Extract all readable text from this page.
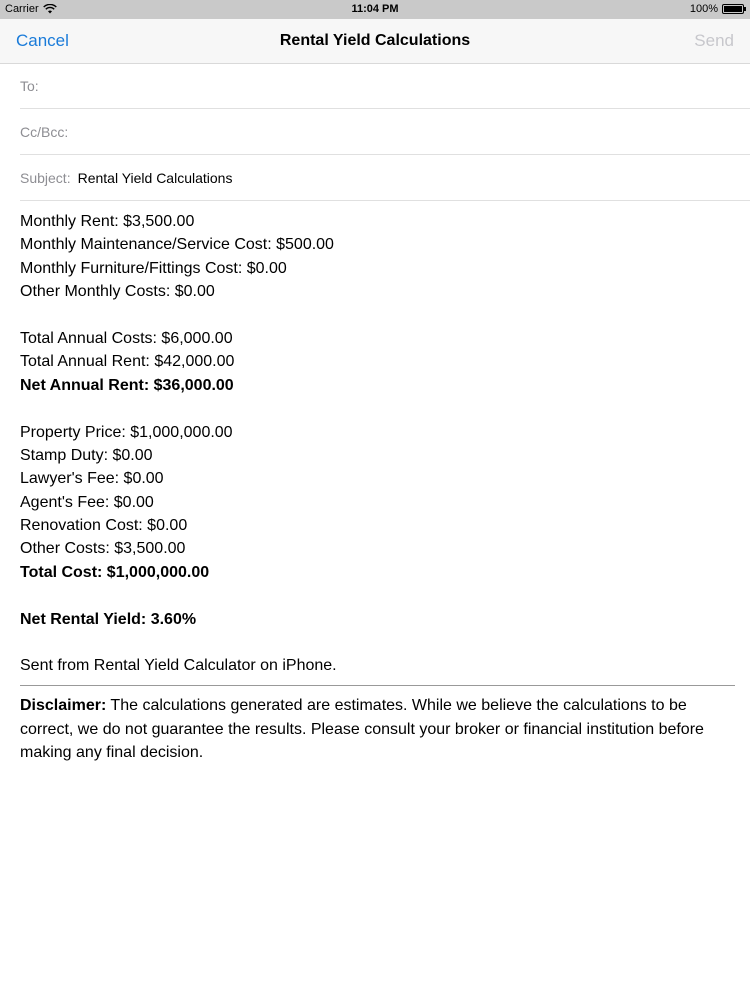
Carrier	11:04 PM	100%
Cancel	Rental Yield Calculations	Send
To:
Cc/Bcc:
Subject: Rental Yield Calculations
Monthly Rent: $3,500.00
Monthly Maintenance/Service Cost: $500.00
Monthly Furniture/Fittings Cost: $0.00
Other Monthly Costs: $0.00
Total Annual Costs: $6,000.00
Total Annual Rent: $42,000.00
Net Annual Rent: $36,000.00
Property Price: $1,000,000.00
Stamp Duty: $0.00
Lawyer's Fee: $0.00
Agent's Fee: $0.00
Renovation Cost: $0.00
Other Costs: $3,500.00
Total Cost: $1,000,000.00
Net Rental Yield: 3.60%
Sent from Rental Yield Calculator on iPhone.
Disclaimer: The calculations generated are estimates. While we believe the calculations to be correct, we do not guarantee the results. Please consult your broker or financial institution before making any final decision.
